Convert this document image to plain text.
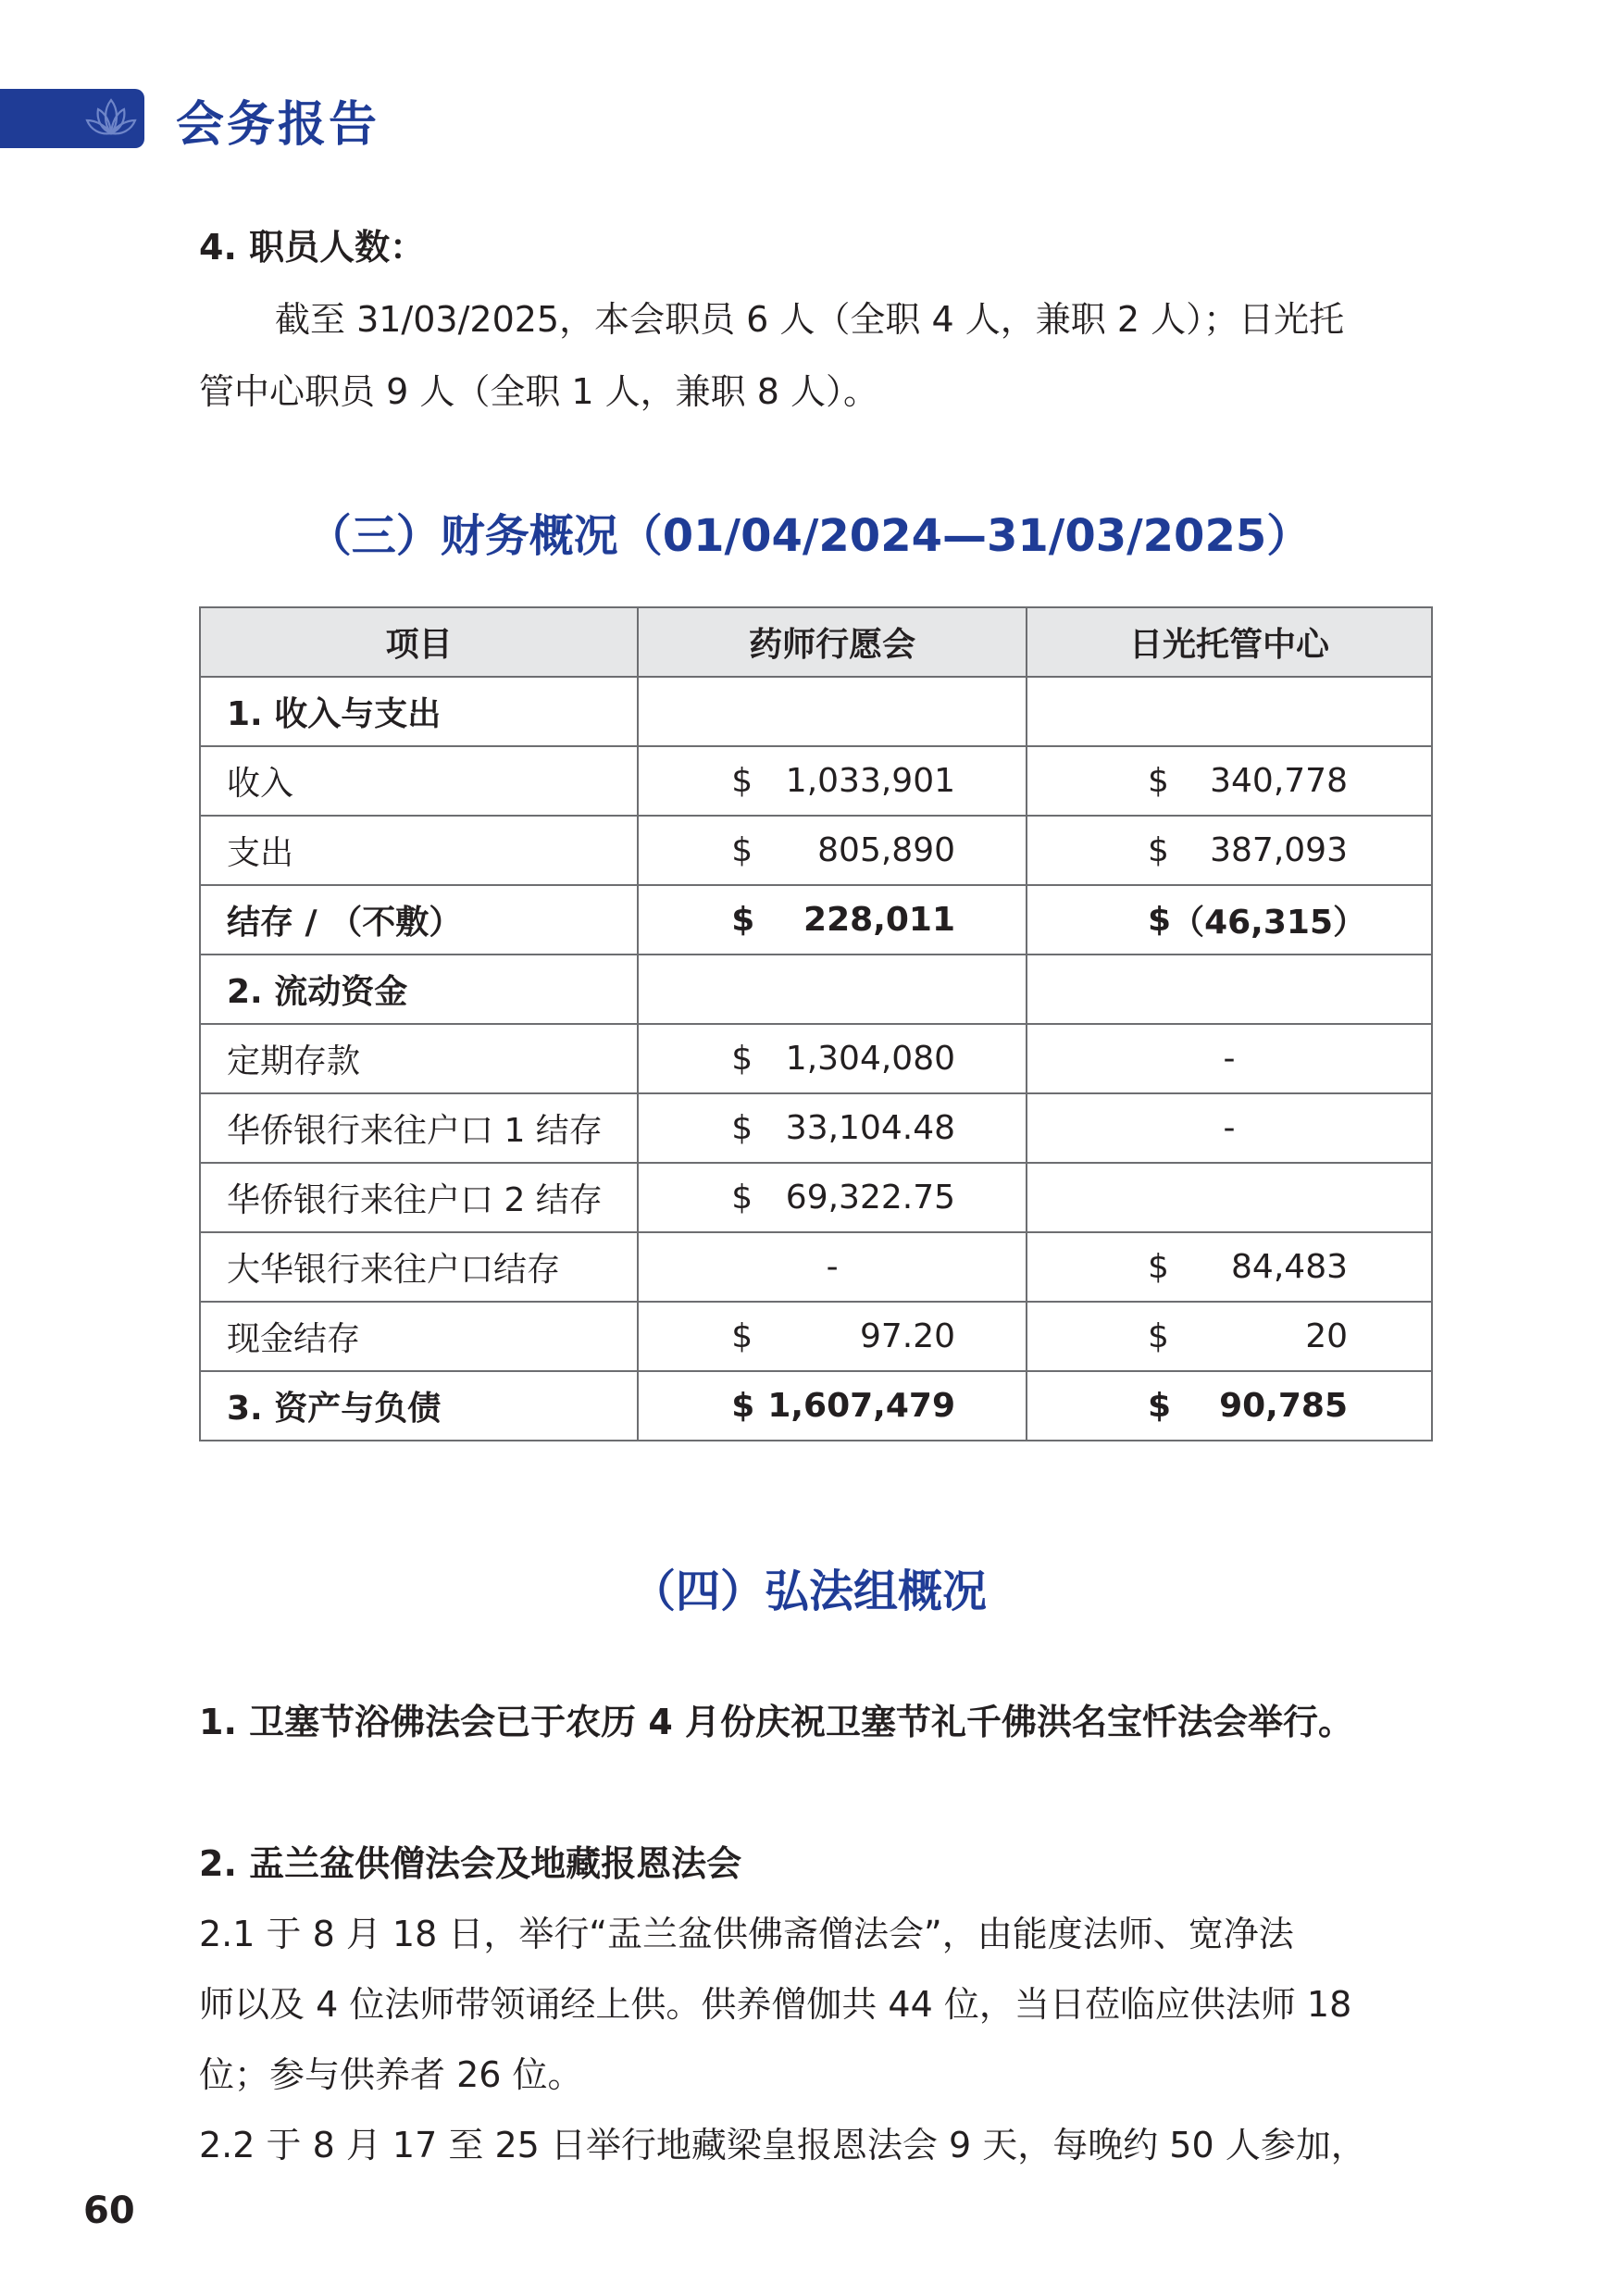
会务报告
4. 职员人数：
截至 31/03/2025，本会职员 6 人（全职 4 人，兼职 2 人）；日光托
管中心职员 9 人（全职 1 人，兼职 8 人）。
（三）财务概况（01/04/2024—31/03/2025）
项目	药师行愿会	日光托管中心
1. 收入与支出		
收入	$ 1,033,901	$ 340,778

支出	$ 805,890	$ 387,093

结存 / （不敷）	$ 228,011	$ （46,315）

2. 流动资金		
定期存款	$ 1,304,080	-
华侨银行来往户口 1 结存	$ 33,104.48	-
华侨银行来往户口 2 结存	$ 69,322.75	

大华银行来往户口结存	-	$ 84,483

现金结存	$ 97.20	$ 20

3. 资产与负债	$ 1,607,479	$ 90,785
（四）弘法组概况
1. 卫塞节浴佛法会已于农历 4 月份庆祝卫塞节礼千佛洪名宝忏法会举行。
2. 盂兰盆供僧法会及地藏报恩法会
2.1 于 8 月 18 日，举行“盂兰盆供佛斋僧法会”，由能度法师、宽净法
师以及 4 位法师带领诵经上供。供养僧伽共 44 位，当日莅临应供法师 18
位；参与供养者 26 位。
2.2 于 8 月 17 至 25 日举行地藏梁皇报恩法会 9 天，每晚约 50 人参加，
60
